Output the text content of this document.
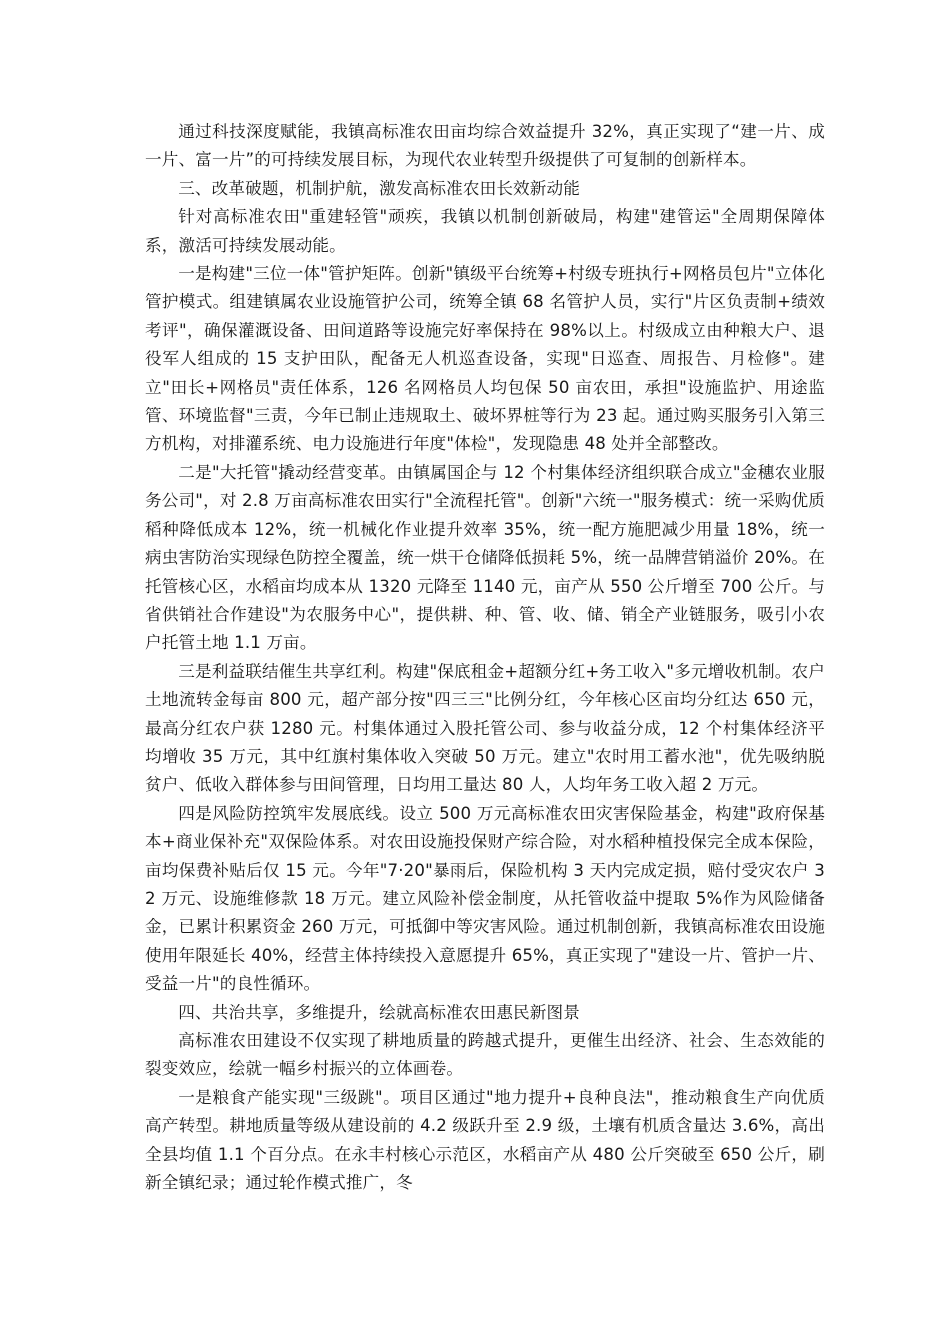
通过科技深度赋能，我镇高标准农田亩均综合效益提升 32%，真正实现了“建一片、成一片、富一片”的可持续发展目标，为现代农业转型升级提供了可复制的创新样本。

三、改革破题，机制护航，激发高标准农田长效新动能

针对高标准农田"重建轻管"顽疾，我镇以机制创新破局，构建"建管运"全周期保障体系，激活可持续发展动能。

一是构建"三位一体"管护矩阵。创新"镇级平台统筹+村级专班执行+网格员包片"立体化管护模式。组建镇属农业设施管护公司，统筹全镇 68 名管护人员，实行"片区负责制+绩效考评"，确保灌溉设备、田间道路等设施完好率保持在 98%以上。村级成立由种粮大户、退役军人组成的 15 支护田队，配备无人机巡查设备，实现"日巡查、周报告、月检修"。建立"田长+网格员"责任体系，126 名网格员人均包保 50 亩农田，承担"设施监护、用途监管、环境监督"三责，今年已制止违规取土、破坏界桩等行为 23 起。通过购买服务引入第三方机构，对排灌系统、电力设施进行年度"体检"，发现隐患 48 处并全部整改。

二是"大托管"撬动经营变革。由镇属国企与 12 个村集体经济组织联合成立"金穗农业服务公司"，对 2.8 万亩高标准农田实行"全流程托管"。创新"六统一"服务模式：统一采购优质稻种降低成本 12%，统一机械化作业提升效率 35%，统一配方施肥减少用量 18%，统一病虫害防治实现绿色防控全覆盖，统一烘干仓储降低损耗 5%，统一品牌营销溢价 20%。在托管核心区，水稻亩均成本从 1320 元降至 1140 元，亩产从 550 公斤增至 700 公斤。与省供销社合作建设"为农服务中心"，提供耕、种、管、收、储、销全产业链服务，吸引小农户托管土地 1.1 万亩。

三是利益联结催生共享红利。构建"保底租金+超额分红+务工收入"多元增收机制。农户土地流转金每亩 800 元，超产部分按"四三三"比例分红，今年核心区亩均分红达 650 元，最高分红农户获 1280 元。村集体通过入股托管公司、参与收益分成，12 个村集体经济平均增收 35 万元，其中红旗村集体收入突破 50 万元。建立"农时用工蓄水池"，优先吸纳脱贫户、低收入群体参与田间管理，日均用工量达 80 人，人均年务工收入超 2 万元。

四是风险防控筑牢发展底线。设立 500 万元高标准农田灾害保险基金，构建"政府保基本+商业保补充"双保险体系。对农田设施投保财产综合险，对水稻种植投保完全成本保险，亩均保费补贴后仅 15 元。今年"7·20"暴雨后，保险机构 3 天内完成定损，赔付受灾农户 32 万元、设施维修款 18 万元。建立风险补偿金制度，从托管收益中提取 5%作为风险储备金，已累计积累资金 260 万元，可抵御中等灾害风险。通过机制创新，我镇高标准农田设施使用年限延长 40%，经营主体持续投入意愿提升 65%，真正实现了"建设一片、管护一片、受益一片"的良性循环。

四、共治共享，多维提升，绘就高标准农田惠民新图景

高标准农田建设不仅实现了耕地质量的跨越式提升，更催生出经济、社会、生态效能的裂变效应，绘就一幅乡村振兴的立体画卷。

一是粮食产能实现"三级跳"。项目区通过"地力提升+良种良法"，推动粮食生产向优质高产转型。耕地质量等级从建设前的 4.2 级跃升至 2.9 级，土壤有机质含量达 3.6%，高出全县均值 1.1 个百分点。在永丰村核心示范区，水稻亩产从 480 公斤突破至 650 公斤，刷新全镇纪录；通过轮作模式推广，冬
